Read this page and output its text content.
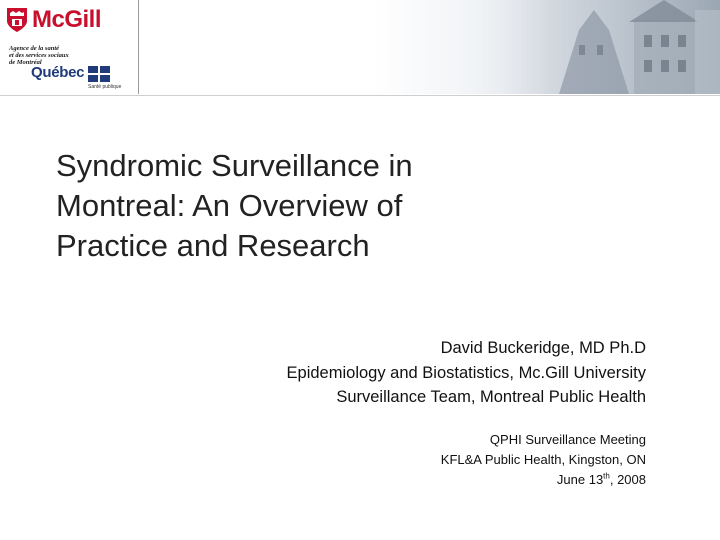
McGill
Agence de la santé
et des services sociaux
de Montréal
Québec
Santé publique
Syndromic Surveillance in
Montreal: An Overview of
Practice and Research
David Buckeridge, MD Ph.D
Epidemiology and Biostatistics, Mc.Gill University
Surveillance Team, Montreal Public Health
QPHI Surveillance Meeting
KFL&A Public Health, Kingston, ON
June 13th, 2008
